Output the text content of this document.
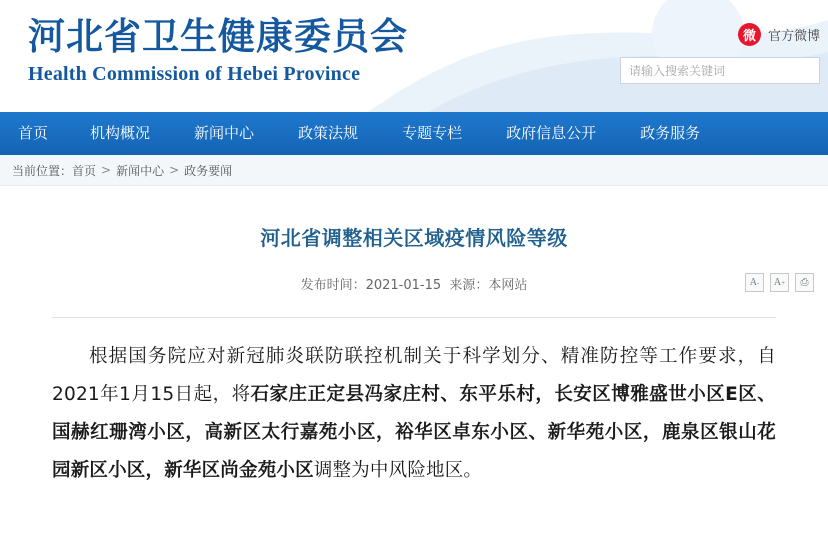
河北省卫生健康委员会
Health Commission of Hebei Province
微 官方微博
请输入搜索关键词
首页	机构概况	新闻中心	政策法规	专题专栏	政府信息公开	政务服务
当前位置： 首页 > 新闻中心 > 政务要闻
河北省调整相关区域疫情风险等级
发布时间：2021-01-15 来源：本网站	A - A + ⎙
根据国务院应对新冠肺炎联防联控机制关于科学划分、精准防控等工作要求，自2021年1月15日起，将石家庄正定县冯家庄村、东平乐村，长安区博雅盛世小区E区、国赫红珊湾小区，高新区太行嘉苑小区，裕华区卓东小区、新华苑小区，鹿泉区银山花园新区小区，新华区尚金苑小区调整为中风险地区。
